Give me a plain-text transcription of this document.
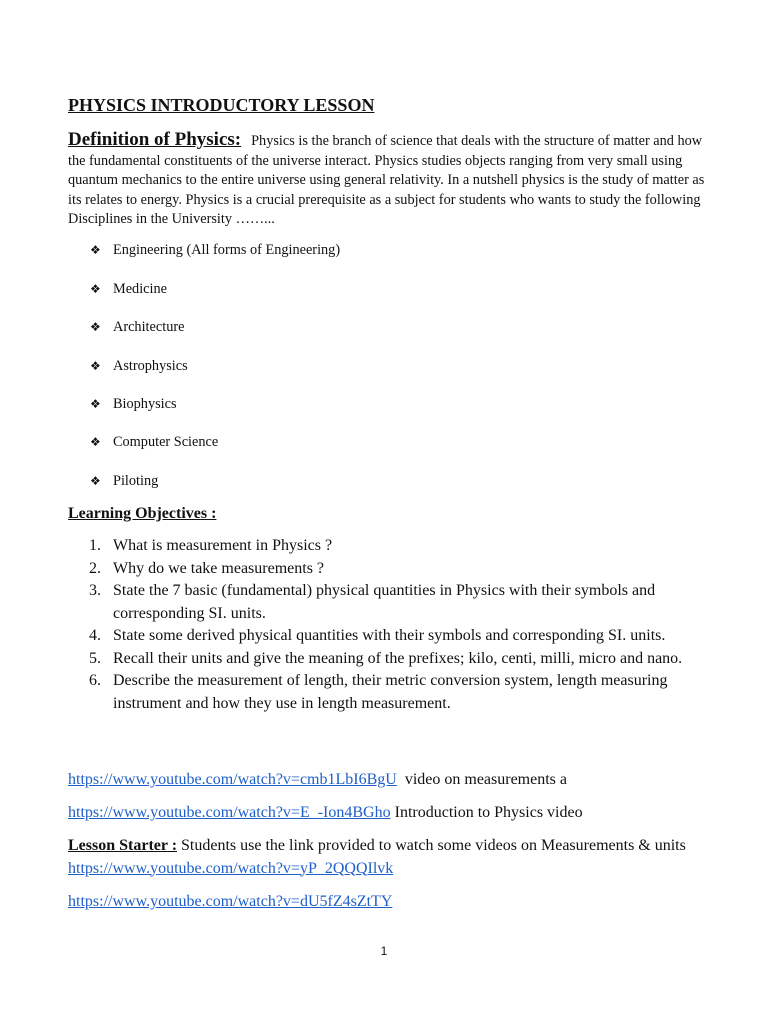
PHYSICS INTRODUCTORY LESSON
Definition of Physics: Physics is the branch of science that deals with the structure of matter and how the fundamental constituents of the universe interact. Physics studies objects ranging from very small using quantum mechanics to the entire universe using general relativity. In a nutshell physics is the study of matter as its relates to energy. Physics is a crucial prerequisite as a subject for students who wants to study the following Disciplines in the University ……...
❖ Engineering (All forms of Engineering)
❖ Medicine
❖ Architecture
❖ Astrophysics
❖ Biophysics
❖ Computer Science
❖ Piloting
Learning Objectives :
1. What is measurement in Physics ?
2. Why do we take measurements ?
3. State the 7 basic (fundamental) physical quantities in Physics with their symbols and corresponding SI. units.
4. State some derived physical quantities with their symbols and corresponding SI. units.
5. Recall their units and give the meaning of the prefixes; kilo, centi, milli, micro and nano.
6. Describe the measurement of length, their metric conversion system, length measuring instrument and how they use in length measurement.
https://www.youtube.com/watch?v=cmb1LbI6BgU video on measurements a
https://www.youtube.com/watch?v=E_-Ion4BGho Introduction to Physics video
Lesson Starter : Students use the link provided to watch some videos on Measurements & units  https://www.youtube.com/watch?v=yP_2QQQIlvk
https://www.youtube.com/watch?v=dU5fZ4sZtTY
1
